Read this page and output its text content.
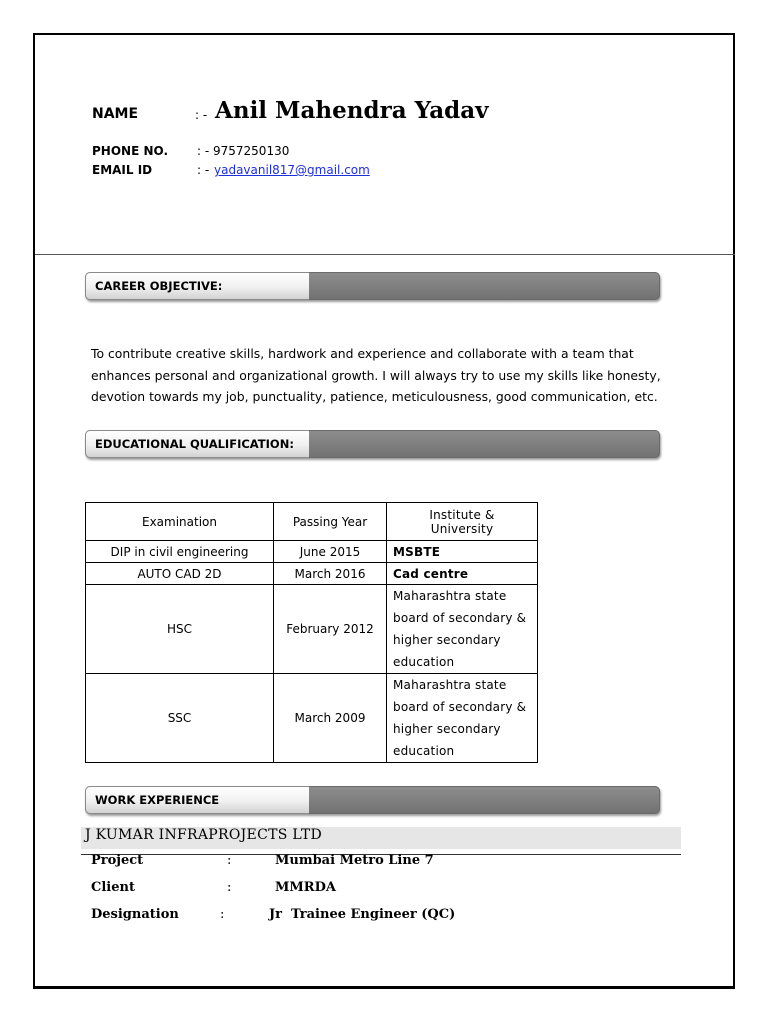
NAME	: - Anil Mahendra Yadav
PHONE NO. : - 9757250130
EMAIL ID	: - yadavanil817@gmail.com
CAREER OBJECTIVE:
To contribute creative skills, hardwork and experience and collaborate with a team that
enhances personal and organizational growth. I will always try to use my skills like honesty,
devotion towards my job, punctuality, patience, meticulousness, good communication, etc.
EDUCATIONAL QUALIFICATION:
Examination	Passing Year	Institute &
University

DIP in civil engineering	June 2015	MSBTE
AUTO CAD 2D	March 2016	Cad centre
HSC	February 2012	Maharashtra state
board of secondary &
higher secondary
education

SSC	March 2009	Maharashtra state
board of secondary &
higher secondary
education
WORK EXPERIENCE
J KUMAR INFRAPROJECTS LTD
Project	:	Mumbai Metro Line 7
Client	:	MMRDA
Designation	:	Jr  Trainee Engineer (QC)
